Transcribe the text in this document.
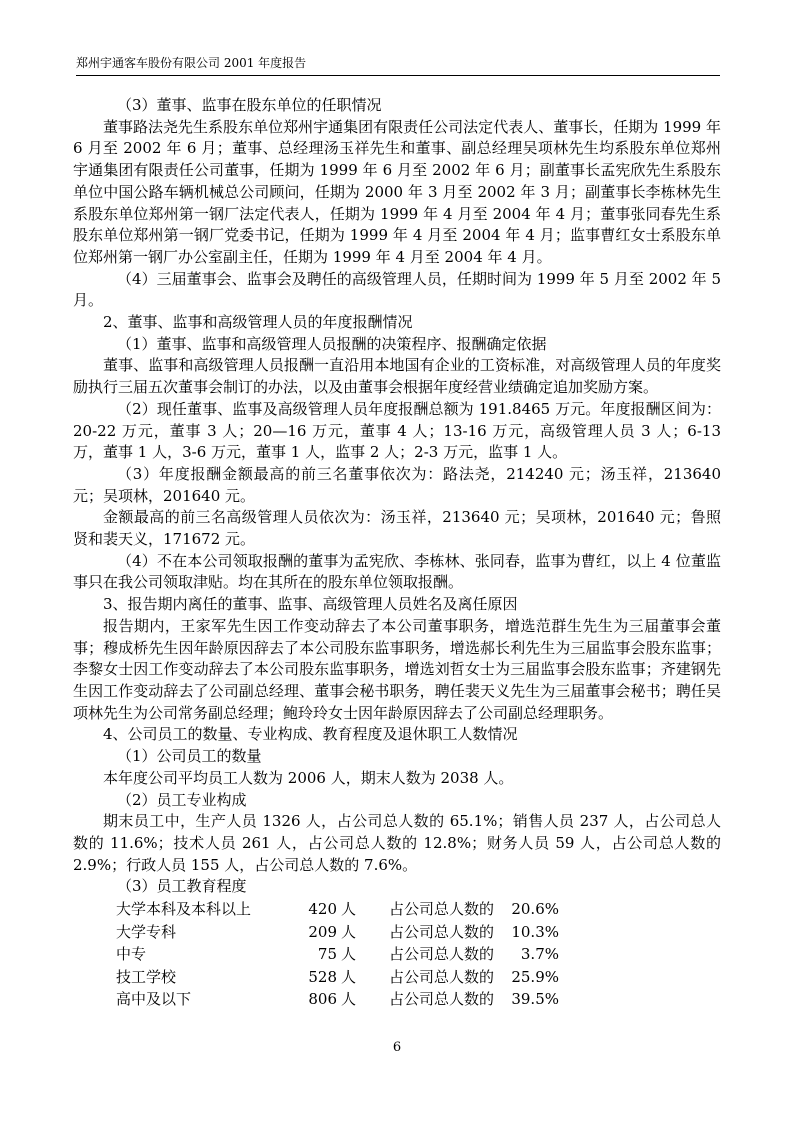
郑州宇通客车股份有限公司 2001 年度报告

（3）董事、监事在股东单位的任职情况

董事路法尧先生系股东单位郑州宇通集团有限责任公司法定代表人、董事长，任期为 1999 年 6 月至 2002 年 6 月；董事、总经理汤玉祥先生和董事、副总经理吴项林先生均系股东单位郑州宇通集团有限责任公司董事，任期为 1999 年 6 月至 2002 年 6 月；副董事长孟宪欣先生系股东单位中国公路车辆机械总公司顾问，任期为 2000 年 3 月至 2002 年 3 月；副董事长李栋林先生系股东单位郑州第一钢厂法定代表人，任期为 1999 年 4 月至 2004 年 4 月；董事张同春先生系股东单位郑州第一钢厂党委书记，任期为 1999 年 4 月至 2004 年 4 月；监事曹红女士系股东单位郑州第一钢厂办公室副主任，任期为 1999 年 4 月至 2004 年 4 月。

（4）三届董事会、监事会及聘任的高级管理人员，任期时间为 1999 年 5 月至 2002 年 5 月。

2、董事、监事和高级管理人员的年度报酬情况

（1）董事、监事和高级管理人员报酬的决策程序、报酬确定依据

董事、监事和高级管理人员报酬一直沿用本地国有企业的工资标准，对高级管理人员的年度奖励执行三届五次董事会制订的办法，以及由董事会根据年度经营业绩确定追加奖励方案。

（2）现任董事、监事及高级管理人员年度报酬总额为 191.8465 万元。年度报酬区间为：20-22 万元，董事 3 人；20—16 万元，董事 4 人；13-16 万元，高级管理人员 3 人；6-13 万，董事 1 人，3-6 万元，董事 1 人，监事 2 人；2-3 万元，监事 1 人。

（3）年度报酬金额最高的前三名董事依次为：路法尧，214240 元；汤玉祥，213640 元；吴项林，201640 元。

金额最高的前三名高级管理人员依次为：汤玉祥，213640 元；吴项林，201640 元；鲁照贤和裴天义，171672 元。

（4）不在本公司领取报酬的董事为孟宪欣、李栋林、张同春，监事为曹红，以上 4 位董监事只在我公司领取津贴。均在其所在的股东单位领取报酬。

3、报告期内离任的董事、监事、高级管理人员姓名及离任原因

报告期内，王家军先生因工作变动辞去了本公司董事职务，增选范群生先生为三届董事会董事；穆成桥先生因年龄原因辞去了本公司股东监事职务，增选郝长利先生为三届监事会股东监事；李黎女士因工作变动辞去了本公司股东监事职务，增选刘哲女士为三届监事会股东监事；齐建钢先生因工作变动辞去了公司副总经理、董事会秘书职务，聘任裴天义先生为三届董事会秘书；聘任吴项林先生为公司常务副总经理；鲍玲玲女士因年龄原因辞去了公司副总经理职务。

4、公司员工的数量、专业构成、教育程度及退休职工人数情况

（1）公司员工的数量

本年度公司平均员工人数为 2006 人，期末人数为 2038 人。

（2）员工专业构成

期末员工中，生产人员 1326 人，占公司总人数的 65.1%；销售人员 237 人，占公司总人数的 11.6%；技术人员 261 人，占公司总人数的 12.8%；财务人员 59 人，占公司总人数的 2.9%；行政人员 155 人，占公司总人数的 7.6%。

（3）员工教育程度

大学本科及本科以上	420	人	占公司总人数的	20.6%
大学专科	209	人	占公司总人数的	10.3%
中专	75	人	占公司总人数的	3.7%
技工学校	528	人	占公司总人数的	25.9%
高中及以下	806	人	占公司总人数的	39.5%
6
